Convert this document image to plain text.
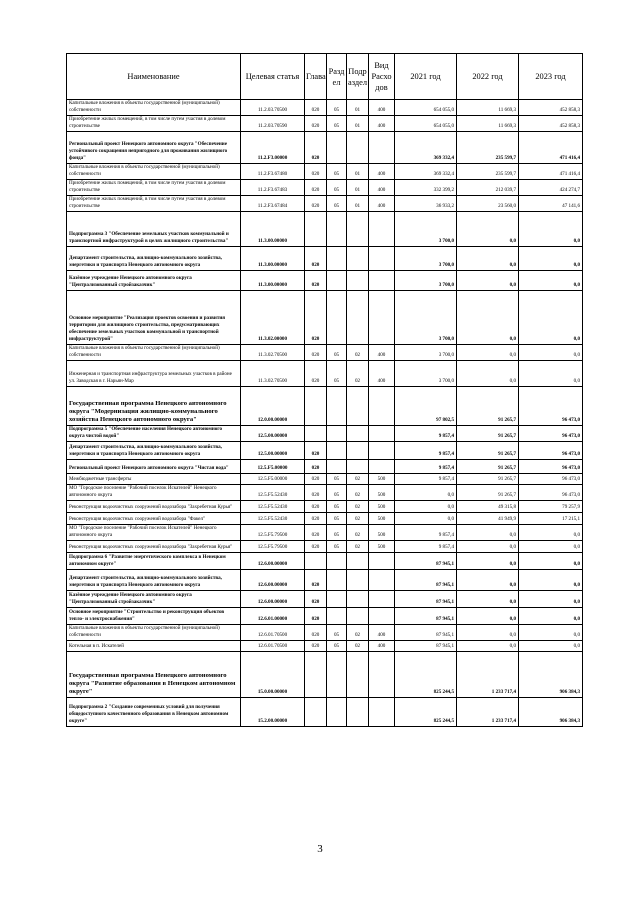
Наименование	Целевая статья	Глава	Разд ел	Подр аздел	Вид Расхо дов	2021 год	2022 год	2023 год
Капитальные вложения в объекты государственной (муниципальной) собственности	11.2.03.70500	020	05	01	400	654 055,0	11 669,3	452 858,3
Приобретение жилых помещений, в том числе путем участия в долевом строительстве	11.2.03.70590	020	05	01	400	654 055,0	11 669,3	452 858,3
Региональный проект Ненецкого автономного округа "Обеспечение устойчивого сокращения непригодного для проживания жилищного фонда"	11.2.F3.00000	020				369 332,4	235 599,7	471 416,4
Капитальные вложения в объекты государственной (муниципальной) собственности	11.2.F3.67480	020	05	01	400	369 332,4	235 599,7	471 416,4
Приобретение жилых помещений, в том числе путем участия в долевом строительстве	11.2.F3.67483	020	05	01	400	332 399,2	212 039,7	424 274,7
Приобретение жилых помещений, в том числе путем участия в долевом строительстве	11.2.F3.67484	020	05	01	400	36 933,2	23 560,0	47 141,6
Подпрограмма 3 "Обеспечение земельных участков коммунальной и транспортной инфраструктурой в целях жилищного строительства"	11.3.00.00000					3 700,0	0,0	0,0
Департамент строительства, жилищно-коммунального хозяйства, энергетики и транспорта Ненецкого автономного округа	11.3.00.00000	020				3 700,0	0,0	0,0
Казённое учреждение Ненецкого автономного округа "Централизованный стройзаказчик"	11.3.00.00000	020				3 700,0	0,0	0,0
Основное мероприятие "Реализация проектов освоения и развития территории для жилищного строительства, предусматривающих обеспечение земельных участков коммунальной и транспортной инфраструктурой"	11.3.02.00000	020				3 700,0	0,0	0,0
Капитальные вложения в объекты государственной (муниципальной) собственности	11.3.02.70500	020	05	02	400	3 700,0	0,0	0,0
Инженерная и транспортная инфраструктура земельных участков в районе ул. Заводская в г. Нарьян-Мар	11.3.02.70500	020	05	02	400	3 700,0	0,0	0,0
Государственная программа Ненецкого автономного округа "Модернизация жилищно-коммунального хозяйства Ненецкого автономного округа"	12.0.00.00000					97 802,5	91 265,7	96 473,0
Подпрограмма 5 "Обеспечение населения Ненецкого автономного округа чистой водой"	12.5.00.00000					9 857,4	91 265,7	96 473,0
Департамент строительства, жилищно-коммунального хозяйства, энергетики и транспорта Ненецкого автономного округа	12.5.00.00000	020				9 857,4	91 265,7	96 473,0
Региональный проект Ненецкого автономного округа "Чистая вода"	12.5.F5.00000	020				9 857,4	91 265,7	96 473,0
Межбюджетные трансферты	12.5.F5.00000	020	05	02	500	9 857,4	91 265,7	96 473,0
МО "Городское поселение "Рабочий поселок Искателей" Ненецкого автономного округа	12.5.F5.52430	020	05	02	500	0,0	91 265,7	96 473,0
Реконструкция водоочистных сооружений водозабора "Захребетная Курья"	12.5.F5.52430	020	05	02	500	0,0	49 315,8	79 257,9
Реконструкция водоочистных сооружений водозабора "Факел"	12.5.F5.52430	020	05	02	500	0,0	41 949,9	17 215,1
МО "Городское поселение "Рабочий поселок Искателей" Ненецкого автономного округа	12.5.F5.79500	020	05	02	500	9 857,4	0,0	0,0
Реконструкция водоочистных сооружений водозабора "Захребетная Курья"	12.5.F5.79500	020	05	02	500	9 857,4	0,0	0,0
Подпрограмма 6 "Развитие энергетического комплекса в Ненецком автономном округе"	12.6.00.00000					87 945,1	0,0	0,0
Департамент строительства, жилищно-коммунального хозяйства, энергетики и транспорта Ненецкого автономного округа	12.6.00.00000	020				87 945,1	0,0	0,0
Казённое учреждение Ненецкого автономного округа "Централизованный стройзаказчик"	12.6.00.00000	020				87 945,1	0,0	0,0
Основное мероприятие "Строительство и реконструкция объектов тепло- и электроснабжения"	12.6.01.00000	020				87 945,1	0,0	0,0
Капитальные вложения в объекты государственной (муниципальной) собственности	12.6.01.70500	020	05	02	400	87 945,1	0,0	0,0
Котельная в п. Искателей	12.6.01.70500	020	05	02	400	87 945,1	0,0	0,0
Государственная программа Ненецкого автономного округа "Развитие образования в Ненецком автономном округе"	15.0.00.00000					825 244,5	1 233 717,4	906 384,3
Подпрограмма 2 "Создание современных условий для получения общедоступного качественного образования в Ненецком автономном округе"	15.2.00.00000					825 244,5	1 233 717,4	906 384,3
3
